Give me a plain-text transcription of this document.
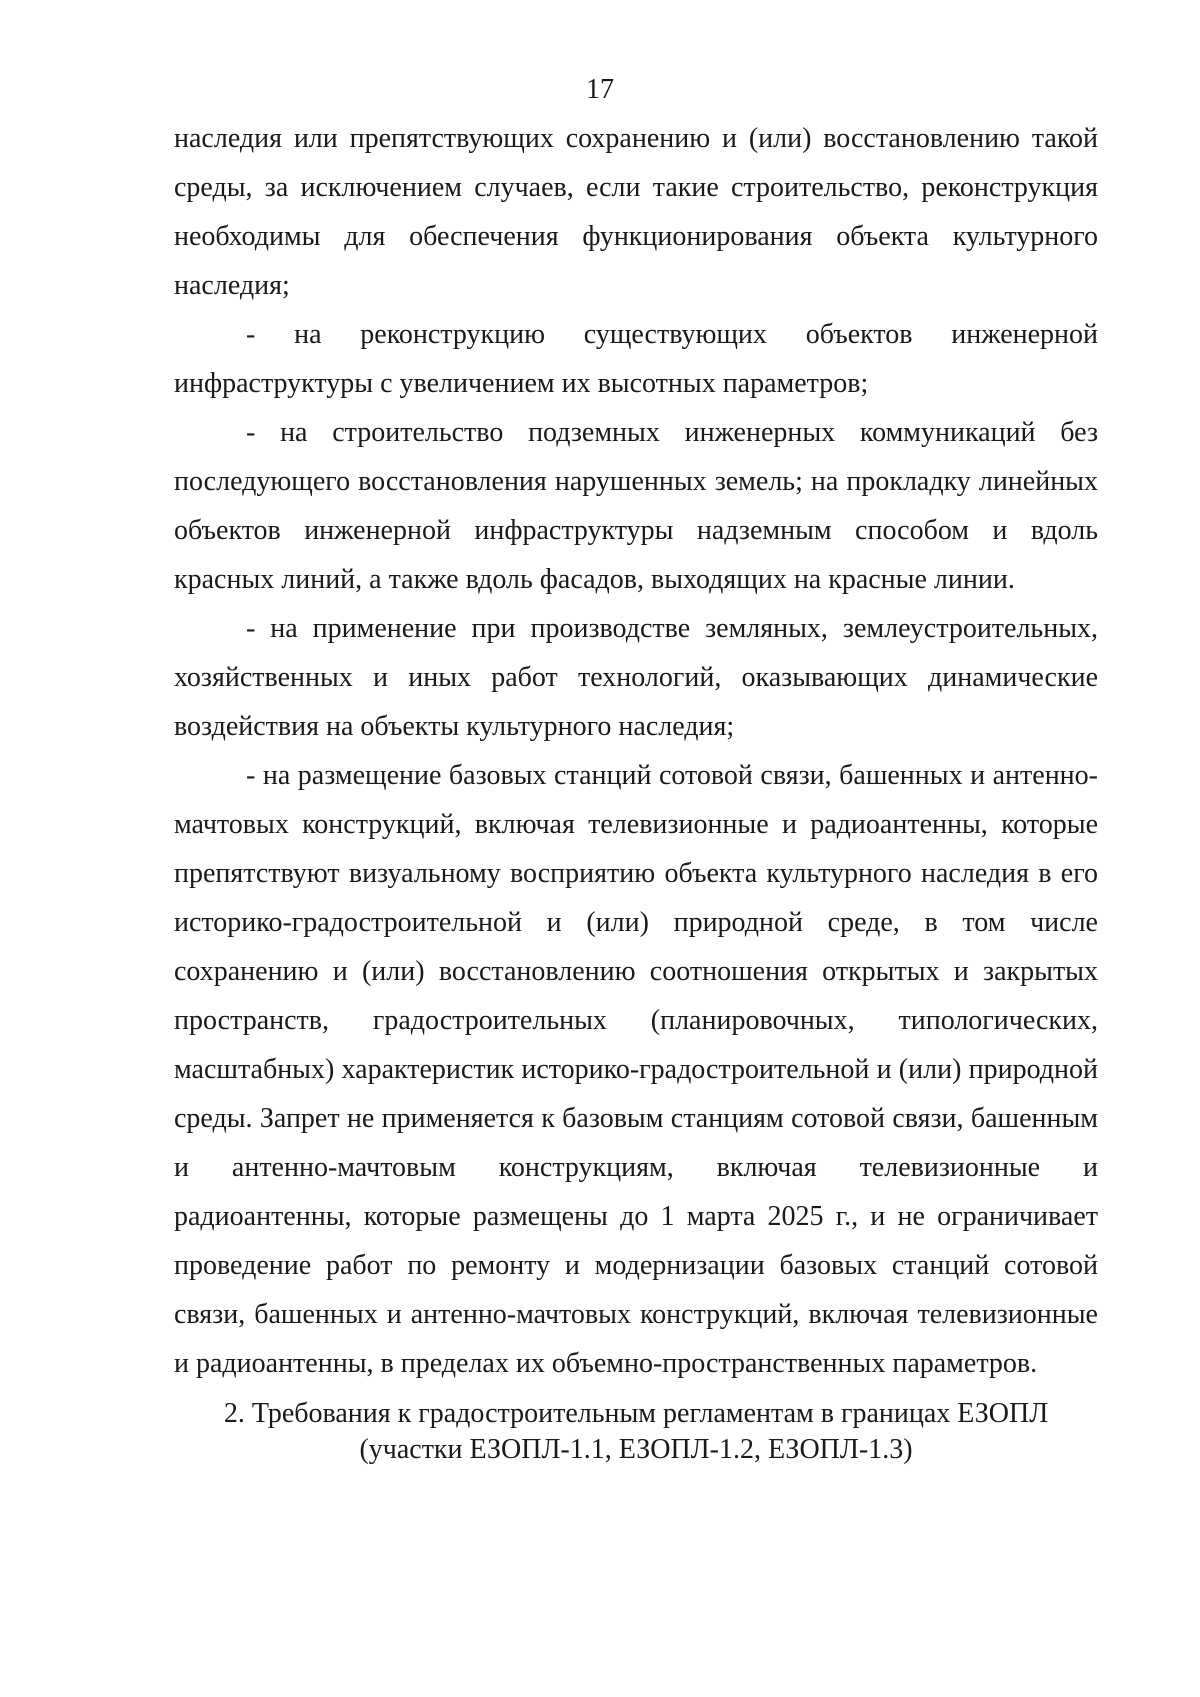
17

наследия или препятствующих сохранению и (или) восстановлению такой среды, за исключением случаев, если такие строительство, реконструкция необходимы для обеспечения функционирования объекта культурного наследия;

- на реконструкцию существующих объектов инженерной инфраструктуры с увеличением их высотных параметров;

- на строительство подземных инженерных коммуникаций без последующего восстановления нарушенных земель; на прокладку линейных объектов инженерной инфраструктуры надземным способом и вдоль красных линий, а также вдоль фасадов, выходящих на красные линии.

- на применение при производстве земляных, землеустроительных, хозяйственных и иных работ технологий, оказывающих динамические воздействия на объекты культурного наследия;

- на размещение базовых станций сотовой связи, башенных и антенно-мачтовых конструкций, включая телевизионные и радиоантенны, которые препятствуют визуальному восприятию объекта культурного наследия в его историко-градостроительной и (или) природной среде, в том числе сохранению и (или) восстановлению соотношения открытых и закрытых пространств, градостроительных (планировочных, типологических, масштабных) характеристик историко-градостроительной и (или) природной среды. Запрет не применяется к базовым станциям сотовой связи, башенным и антенно-мачтовым конструкциям, включая телевизионные и радиоантенны, которые размещены до 1 марта 2025 г., и не ограничивает проведение работ по ремонту и модернизации базовых станций сотовой связи, башенных и антенно-мачтовых конструкций, включая телевизионные и радиоантенны, в пределах их объемно-пространственных параметров.

2. Требования к градостроительным регламентам в границах ЕЗОПЛ
(участки ЕЗОПЛ-1.1, ЕЗОПЛ-1.2, ЕЗОПЛ-1.3)
